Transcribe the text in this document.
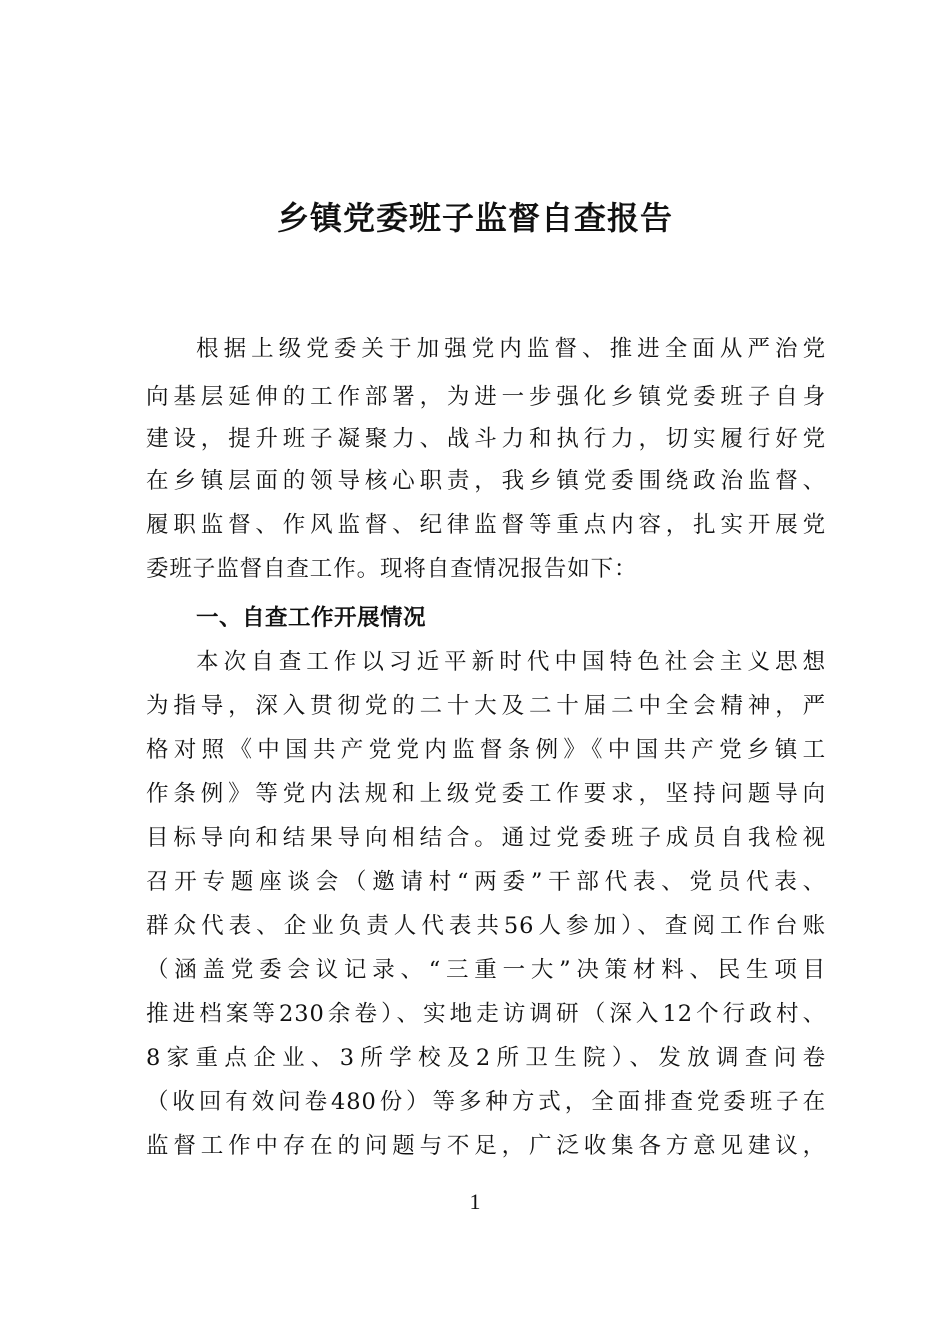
乡镇党委班子监督自查报告

根据上级党委关于加强党内监督、推进全面从严治党

向基层延伸的工作部署，为进一步强化乡镇党委班子自身

建设，提升班子凝聚力、战斗力和执行力，切实履行好党

在乡镇层面的领导核心职责，我乡镇党委围绕政治监督、

履职监督、作风监督、纪律监督等重点内容，扎实开展党

委班子监督自查工作。现将自查情况报告如下：

一、自查工作开展情况

本次自查工作以习近平新时代中国特色社会主义思想

为指导，深入贯彻党的二十大及二十届二中全会精神，严

格对照《中国共产党党内监督条例》《中国共产党乡镇工

作条例》等党内法规和上级党委工作要求，坚持问题导向

目标导向和结果导向相结合。通过党委班子成员自我检视

召开专题座谈会（邀请村“两委”干部代表、党员代表、

群众代表、企业负责人代表共56人参加）、查阅工作台账

（涵盖党委会议记录、“三重一大”决策材料、民生项目

推进档案等230余卷）、实地走访调研（深入12个行政村、

8家重点企业、3所学校及2所卫生院）、发放调查问卷

（收回有效问卷480份）等多种方式，全面排查党委班子在

监督工作中存在的问题与不足，广泛收集各方意见建议，

1
